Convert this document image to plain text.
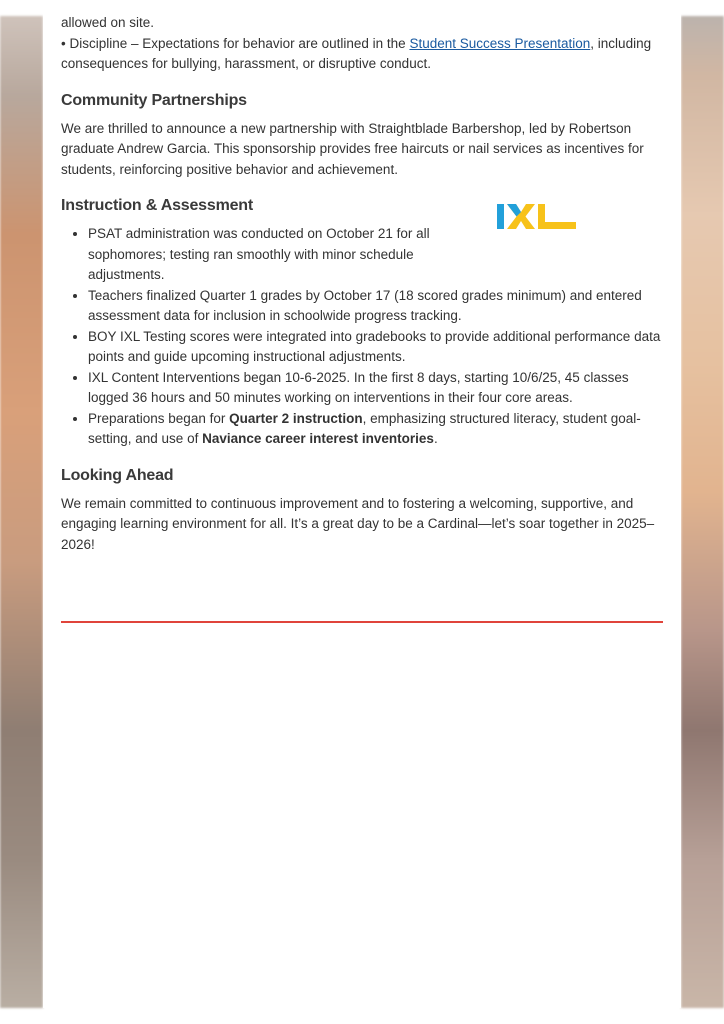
allowed on site.

• Discipline – Expectations for behavior are outlined in the Student Success Presentation, including

consequences for bullying, harassment, or disruptive conduct.

Community Partnerships

We are thrilled to announce a new partnership with Straightblade Barbershop, led by Robertson graduate Andrew Garcia. This sponsorship provides free haircuts or nail services as incentives for students, reinforcing positive behavior and achievement.

Instruction & Assessment
• PSAT administration was conducted on October 21 for all sophomores; testing ran smoothly with minor schedule adjustments.
• Teachers finalized Quarter 1 grades by October 17 (18 scored grades minimum) and entered assessment data for inclusion in schoolwide progress tracking.
• BOY IXL Testing scores were integrated into gradebooks to provide additional performance data points and guide upcoming instructional adjustments.
• IXL Content Interventions began 10-6-2025. In the first 8 days, starting 10/6/25, 45 classes logged 36 hours and 50 minutes working on interventions in their four core areas.
• Preparations began for Quarter 2 instruction, emphasizing structured literacy, student goal-setting, and use of Naviance career interest inventories.
Looking Ahead

We remain committed to continuous improvement and to fostering a welcoming, supportive, and engaging learning environment for all. It’s a great day to be a Cardinal—let’s soar together in 2025–2026!
